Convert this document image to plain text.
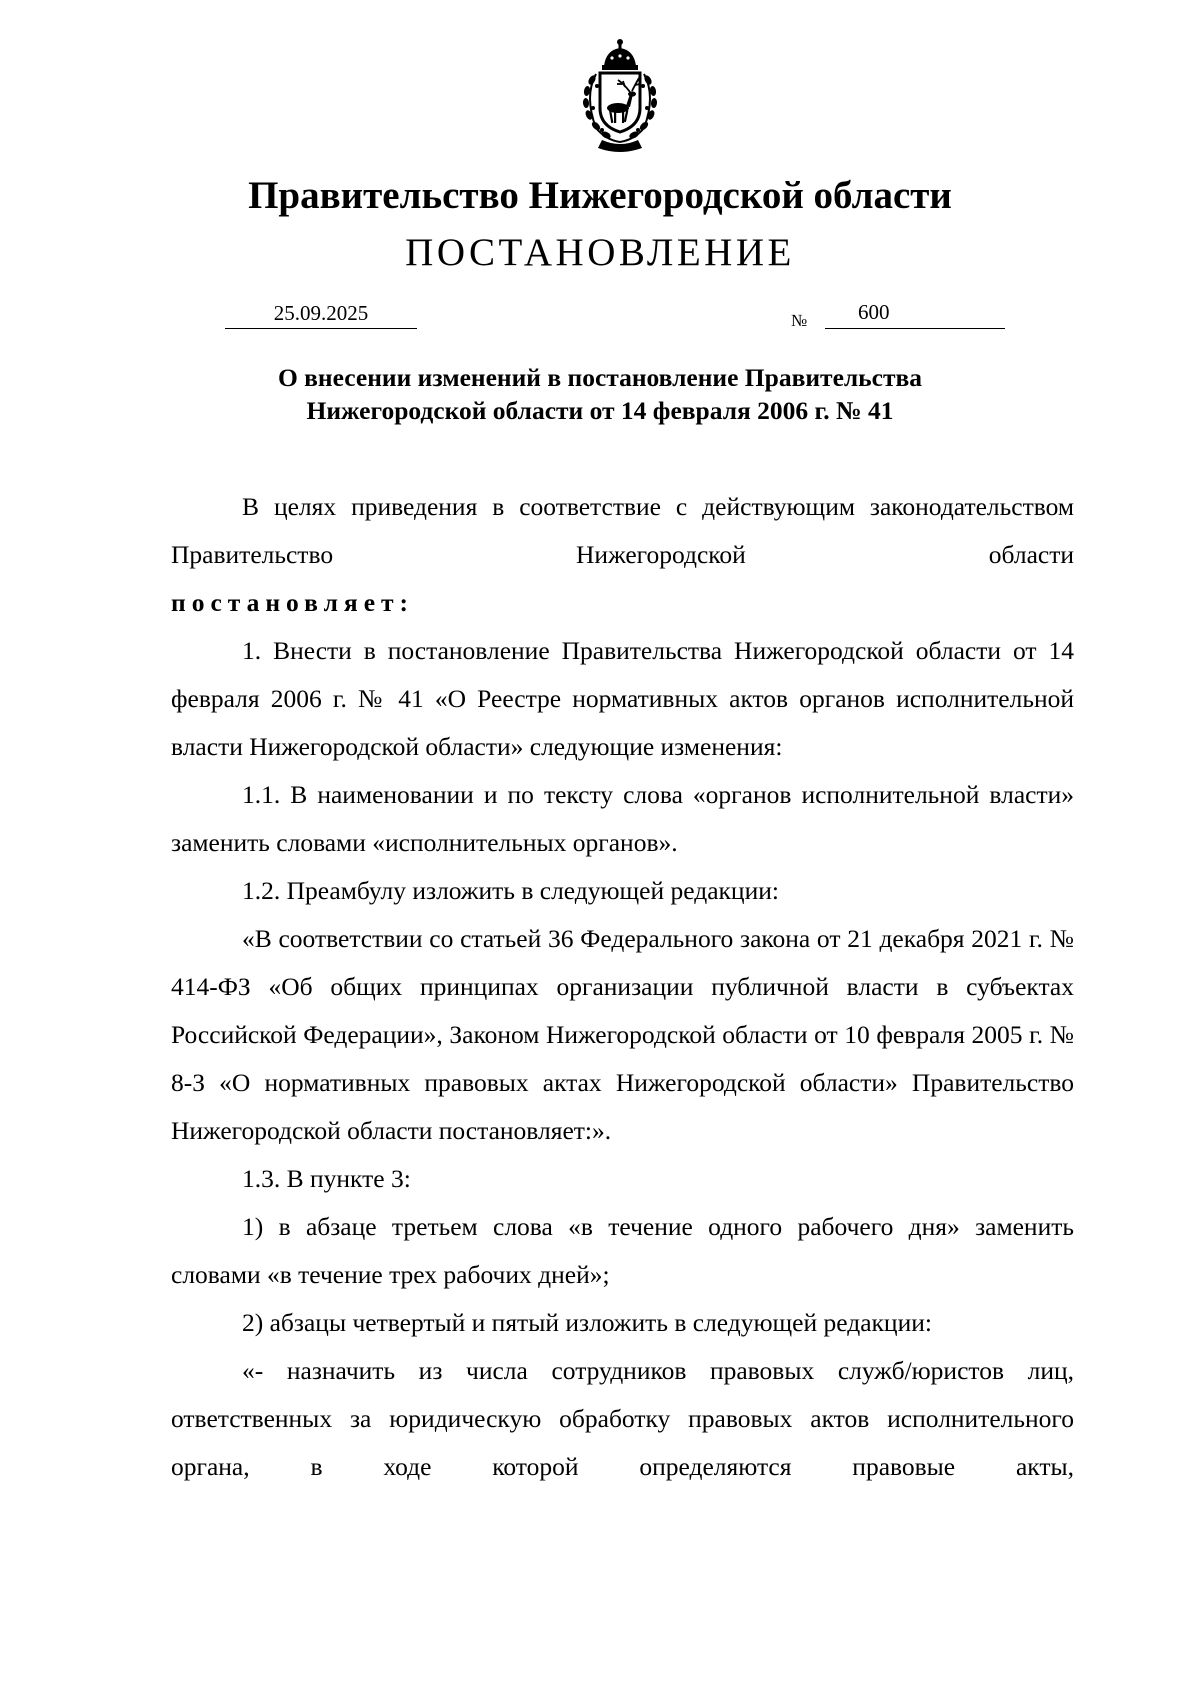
Правительство Нижегородской области
ПОСТАНОВЛЕНИЕ
25.09.2025	№ 600
О внесении изменений в постановление Правительства
Нижегородской области от 14 февраля 2006 г. № 41

В целях приведения в соответствие с действующим законодательством Правительство Нижегородской области

постановляет:

1. Внести в постановление Правительства Нижегородской области от 14 февраля 2006 г. № 41 «О Реестре нормативных актов органов исполнительной власти Нижегородской области» следующие изменения:

1.1. В наименовании и по тексту слова «органов исполнительной власти» заменить словами «исполнительных органов».

1.2. Преамбулу изложить в следующей редакции:

«В соответствии со статьей 36 Федерального закона от 21 декабря 2021 г. № 414-ФЗ «Об общих принципах организации публичной власти в субъектах Российской Федерации», Законом Нижегородской области от 10 февраля 2005 г. № 8-З «О нормативных правовых актах Нижегородской области» Правительство Нижегородской области постановляет:».

1.3. В пункте 3:

1) в абзаце третьем слова «в течение одного рабочего дня» заменить словами «в течение трех рабочих дней»;

2) абзацы четвертый и пятый изложить в следующей редакции:

«- назначить из числа сотрудников правовых служб/юристов лиц, ответственных за юридическую обработку правовых актов исполнительного органа, в ходе которой определяются правовые акты,
